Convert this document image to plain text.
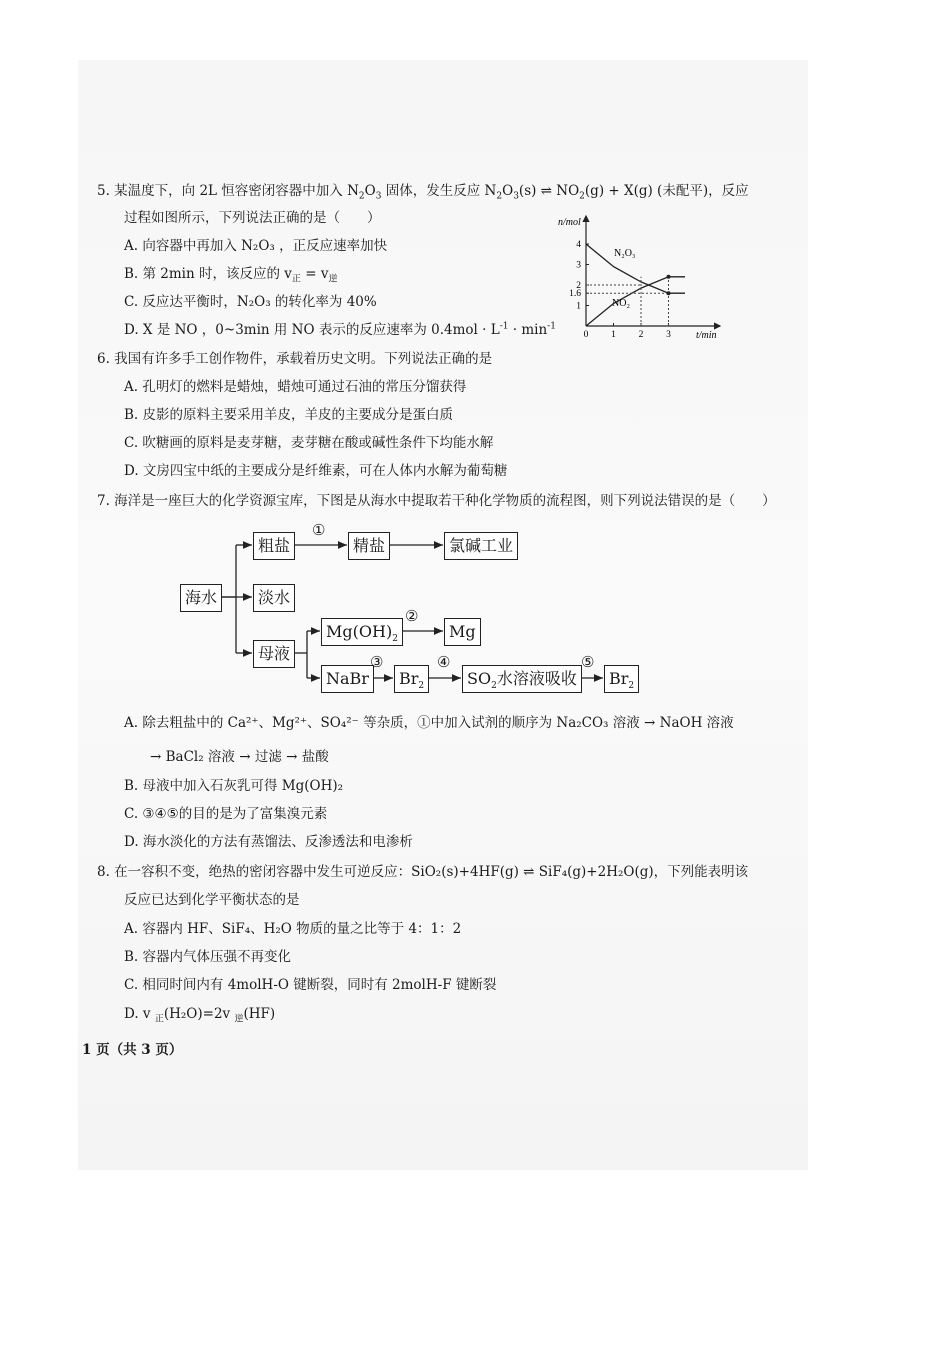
5. 某温度下，向 2L 恒容密闭容器中加入 $N_2O_3$ 固体，发生反应 $N_2O_3(s)$ ⇌ $NO_2(g) + X(g)$ (未配平)，反应
过程如图所示，下列说法正确的是（　　）
A. 向容器中再加入 N₂O₃ ，正反应速率加快
B. 第 2min 时，该反应的 $v_正 = v_逆$
C. 反应达平衡时，N₂O₃ 的转化率为 40%
D. X 是 NO ，0~3min 用 NO 表示的反应速率为 $0.4mol \cdot L^{-1} \cdot \min^{-1}$
n/mol
t/min
0 1 2 3
1
1.6
2
3
4
N₂O₃
NO₂
6. 我国有许多手工创作物件，承载着历史文明。下列说法正确的是
A. 孔明灯的燃料是蜡烛，蜡烛可通过石油的常压分馏获得
B. 皮影的原料主要采用羊皮，羊皮的主要成分是蛋白质
C. 吹糖画的原料是麦芽糖，麦芽糖在酸或碱性条件下均能水解
D. 文房四宝中纸的主要成分是纤维素，可在人体内水解为葡萄糖
7. 海洋是一座巨大的化学资源宝库，下图是从海水中提取若干种化学物质的流程图，则下列说法错误的是（　　）
海水
粗盐	精盐	氯碱工业
淡水
母液
$Mg(OH)_2$	Mg
NaBr	$Br_2$	$SO_2$水溶液吸收	$Br_2$
①
②
③	④	⑤
A. 除去粗盐中的 Ca²⁺、Mg²⁺、SO₄²⁻ 等杂质，①中加入试剂的顺序为 Na₂CO₃ 溶液 → NaOH 溶液
→ BaCl₂ 溶液 → 过滤 → 盐酸
B. 母液中加入石灰乳可得 Mg(OH)₂
C. ③④⑤的目的是为了富集溴元素
D. 海水淡化的方法有蒸馏法、反渗透法和电渗析
8. 在一容积不变，绝热的密闭容器中发生可逆反应：SiO₂(s)+4HF(g) ⇌ SiF₄(g)+2H₂O(g)，下列能表明该
反应已达到化学平衡状态的是
A. 容器内 HF、SiF₄、H₂O 物质的量之比等于 4：1：2
B. 容器内气体压强不再变化
C. 相同时间内有 4molH-O 键断裂，同时有 2molH-F 键断裂
D. v $_正$(H₂O)=2v $_逆$(HF)
1 页（共 3 页）
